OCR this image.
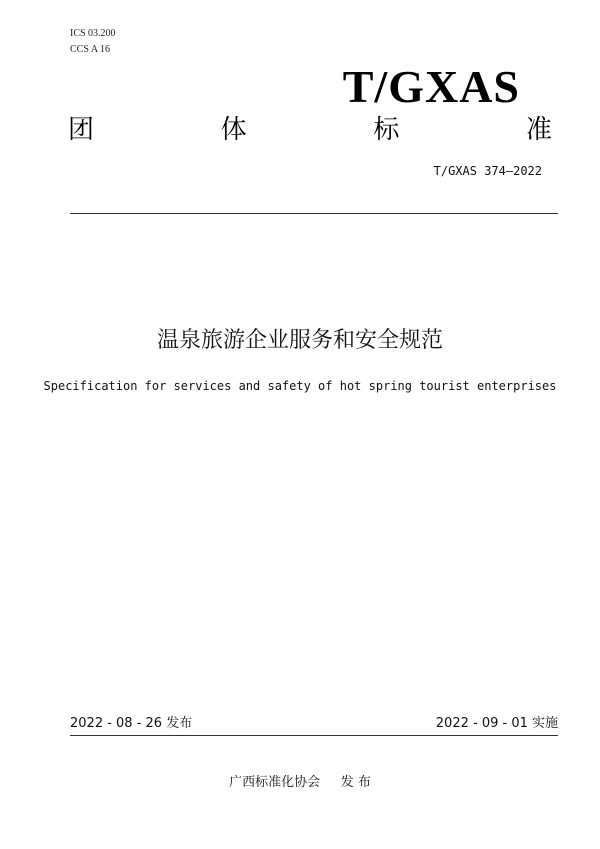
ICS 03.200
CCS A 16
T/GXAS
团	体	标	准
T/GXAS 374—2022
温泉旅游企业服务和安全规范
Specification for services and safety of hot spring tourist enterprises
2022 - 08 - 26 发布	2022 - 09 - 01 实施
广西标准化协会     发 布
